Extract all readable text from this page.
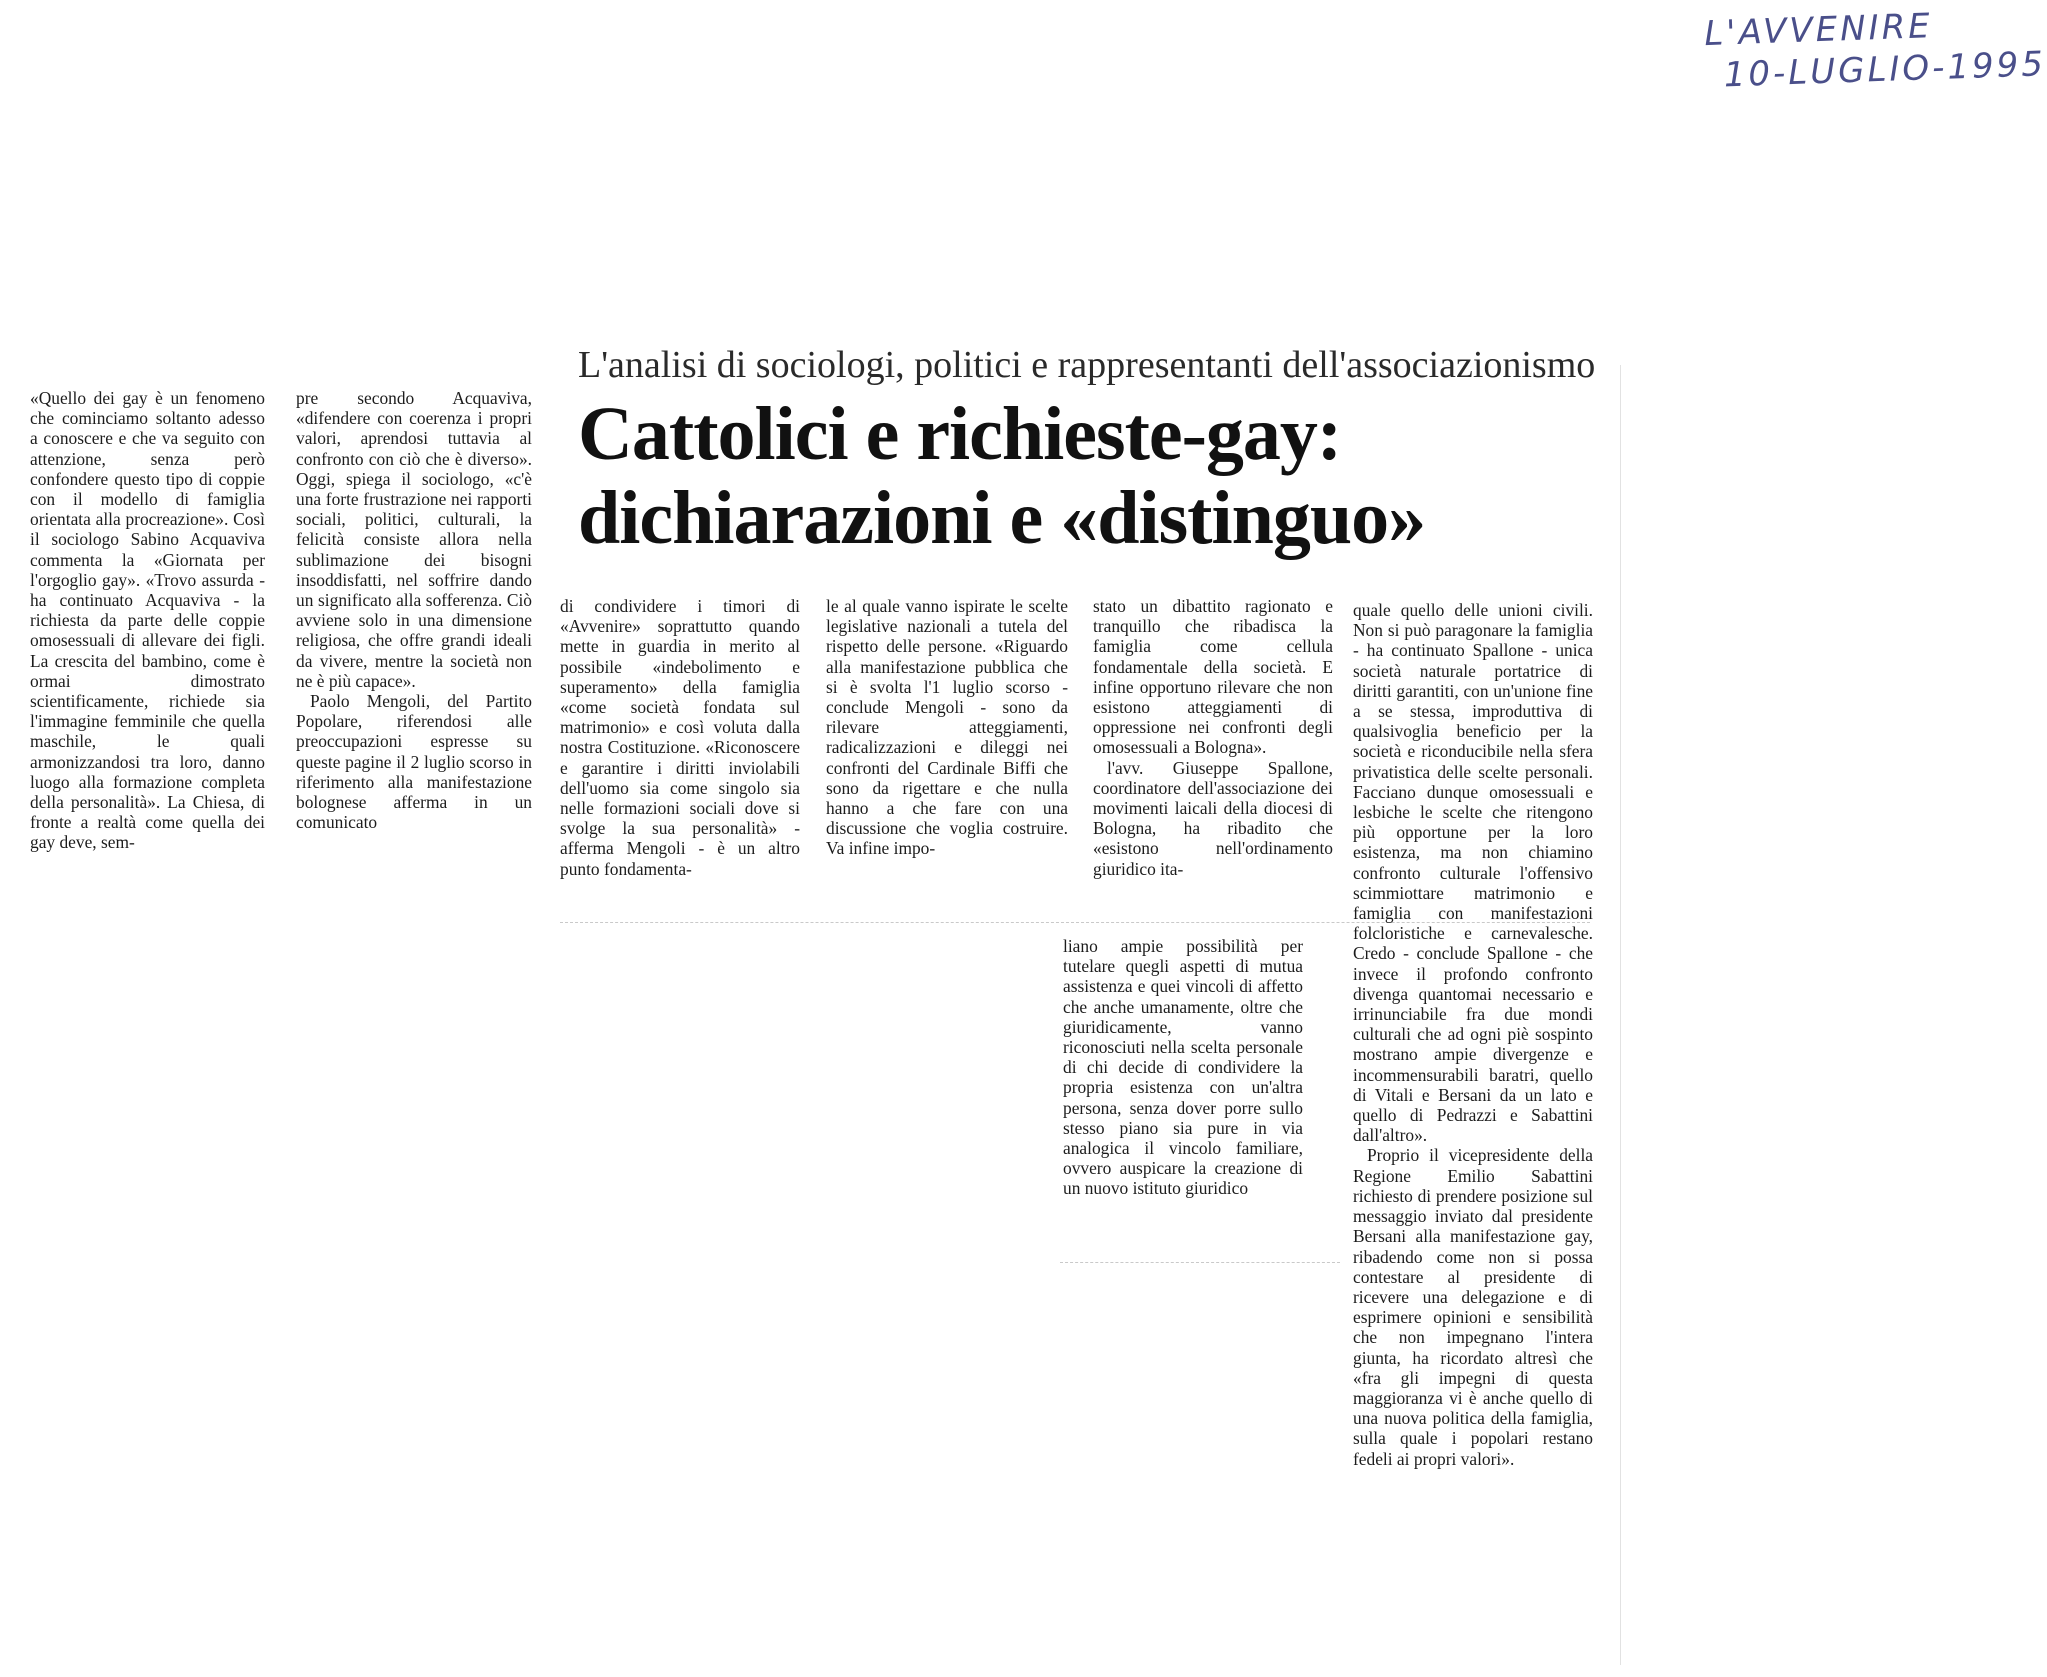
L'AVVENIRE
10-LUGLIO-1995
L'analisi di sociologi, politici e rappresentanti dell'associazionismo
Cattolici e richieste-gay:
dichiarazioni e «distinguo»

«Quello dei gay è un fenomeno che cominciamo soltanto adesso a conoscere e che va seguito con attenzione, senza però confondere questo tipo di coppie con il modello di famiglia orientata alla procreazione». Così il sociologo Sabino Acquaviva commenta la «Giornata per l'orgoglio gay». «Trovo assurda - ha continuato Acquaviva - la richiesta da parte delle coppie omosessuali di allevare dei figli. La crescita del bambino, come è ormai dimostrato scientificamente, richiede sia l'immagine femminile che quella maschile, le quali armonizzandosi tra loro, danno luogo alla formazione completa della personalità». La Chiesa, di fronte a realtà come quella dei gay deve, sem-

pre secondo Acquaviva, «difendere con coerenza i propri valori, aprendosi tuttavia al confronto con ciò che è diverso». Oggi, spiega il sociologo, «c'è una forte frustrazione nei rapporti sociali, politici, culturali, la felicità consiste allora nella sublimazione dei bisogni insoddisfatti, nel soffrire dando un significato alla sofferenza. Ciò avviene solo in una dimensione religiosa, che offre grandi ideali da vivere, mentre la società non ne è più capace».

Paolo Mengoli, del Partito Popolare, riferendosi alle preoccupazioni espresse su queste pagine il 2 luglio scorso in riferimento alla manifestazione bolognese afferma in un comunicato

di condividere i timori di «Avvenire» soprattutto quando mette in guardia in merito al possibile «indebolimento e superamento» della famiglia «come società fondata sul matrimonio» e così voluta dalla nostra Costituzione. «Riconoscere e garantire i diritti inviolabili dell'uomo sia come singolo sia nelle formazioni sociali dove si svolge la sua personalità» - afferma Mengoli - è un altro punto fondamenta-

le al quale vanno ispirate le scelte legislative nazionali a tutela del rispetto delle persone. «Riguardo alla manifestazione pubblica che si è svolta l'1 luglio scorso - conclude Mengoli - sono da rilevare atteggiamenti, radicalizzazioni e dileggi nei confronti del Cardinale Biffi che sono da rigettare e che nulla hanno a che fare con una discussione che voglia costruire. Va infine impo-

stato un dibattito ragionato e tranquillo che ribadisca la famiglia come cellula fondamentale della società. E infine opportuno rilevare che non esistono atteggiamenti di oppressione nei confronti degli omosessuali a Bologna».

l'avv. Giuseppe Spallone, coordinatore dell'associazione dei movimenti laicali della diocesi di Bologna, ha ribadito che «esistono nell'ordinamento giuridico ita-

liano ampie possibilità per tutelare quegli aspetti di mutua assistenza e quei vincoli di affetto che anche umanamente, oltre che giuridicamente, vanno riconosciuti nella scelta personale di chi decide di condividere la propria esistenza con un'altra persona, senza dover porre sullo stesso piano sia pure in via analogica il vincolo familiare, ovvero auspicare la creazione di un nuovo istituto giuridico

quale quello delle unioni civili. Non si può paragonare la famiglia - ha continuato Spallone - unica società naturale portatrice di diritti garantiti, con un'unione fine a se stessa, improduttiva di qualsivoglia beneficio per la società e riconducibile nella sfera privatistica delle scelte personali. Facciano dunque omosessuali e lesbiche le scelte che ritengono più opportune per la loro esistenza, ma non chiamino confronto culturale l'offensivo scimmiottare matrimonio e famiglia con manifestazioni folcloristiche e carnevalesche. Credo - conclude Spallone - che invece il profondo confronto divenga quantomai necessario e irrinunciabile fra due mondi culturali che ad ogni piè sospinto mostrano ampie divergenze e incommensurabili baratri, quello di Vitali e Bersani da un lato e quello di Pedrazzi e Sabattini dall'altro».

Proprio il vicepresidente della Regione Emilio Sabattini richiesto di prendere posizione sul messaggio inviato dal presidente Bersani alla manifestazione gay, ribadendo come non si possa contestare al presidente di ricevere una delegazione e di esprimere opinioni e sensibilità che non impegnano l'intera giunta, ha ricordato altresì che «fra gli impegni di questa maggioranza vi è anche quello di una nuova politica della famiglia, sulla quale i popolari restano fedeli ai propri valori».
